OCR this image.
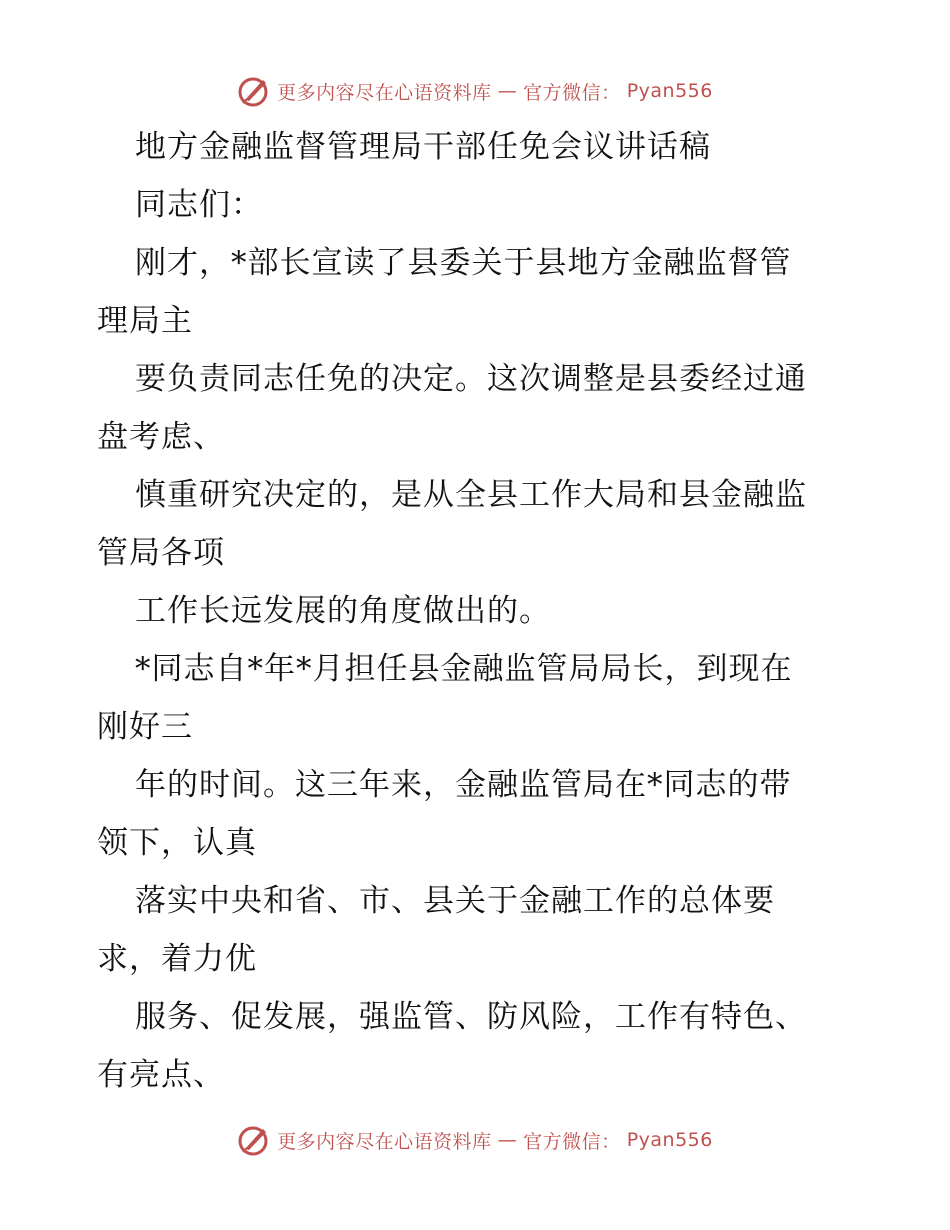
更多内容尽在心语资料库 — 官方微信： Pyan556
地方金融监督管理局干部任免会议讲话稿
同志们：
刚才，*部长宣读了县委关于县地方金融监督管
理局主
要负责同志任免的决定。这次调整是县委经过通
盘考虑、
慎重研究决定的，是从全县工作大局和县金融监
管局各项
工作长远发展的角度做出的。
*同志自*年*月担任县金融监管局局长，到现在
刚好三
年的时间。这三年来，金融监管局在*同志的带
领下，认真
落实中央和省、市、县关于金融工作的总体要
求，着力优
服务、促发展，强监管、防风险，工作有特色、
有亮点、
更多内容尽在心语资料库 — 官方微信： Pyan556
